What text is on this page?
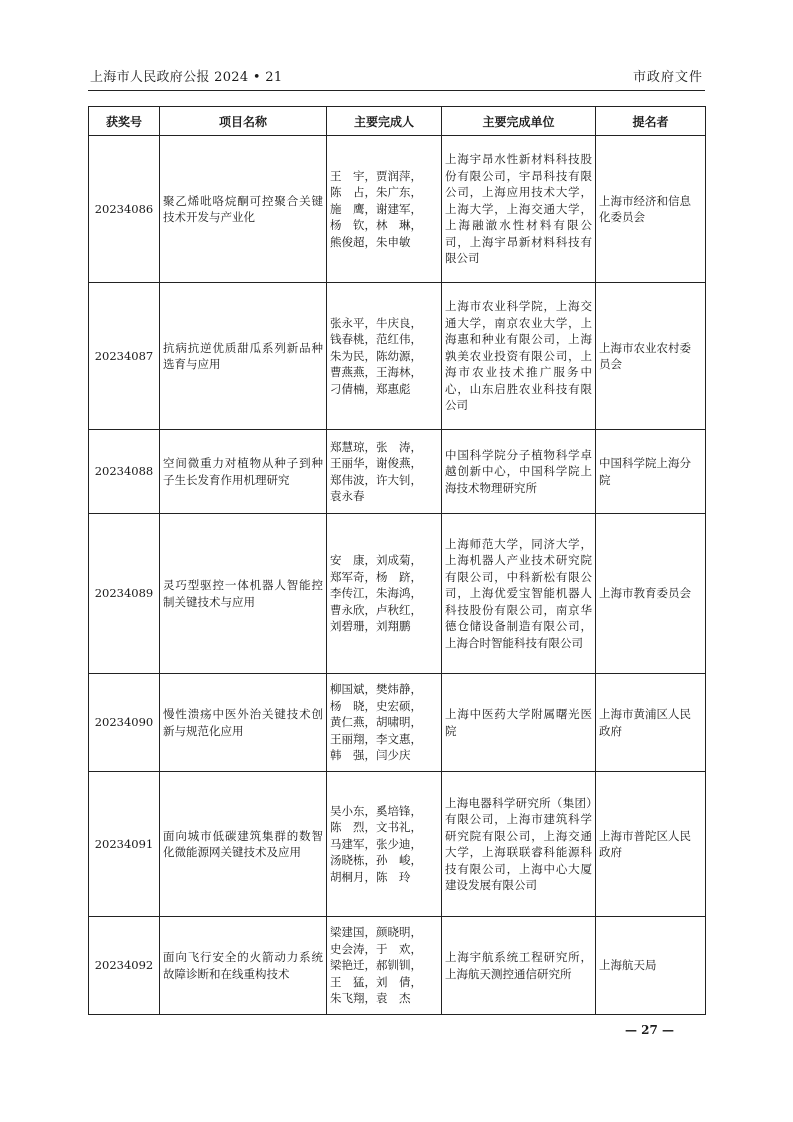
上海市人民政府公报 2024 • 21	市政府文件
获奖号	项目名称	主要完成人	主要完成单位	提名者
20234086	聚乙烯吡咯烷酮可控聚合关键技术开发与产业化	王　宇，贾润萍，
陈　占，朱广东，
施　鹰，谢建军，
杨　钦，林　琳，
熊俊超，朱申敏	上海宇昂水性新材料科技股份有限公司，宇昂科技有限公司，上海应用技术大学，上海大学，上海交通大学，上海融澈水性材料有限公司，上海宇昂新材料科技有限公司	上海市经济和信息化委员会
20234087	抗病抗逆优质甜瓜系列新品种选育与应用	张永平，牛庆良，
钱春桃，范红伟，
朱为民，陈幼源，
曹燕燕，王海林，
刁倩楠，郑惠彪	上海市农业科学院，上海交通大学，南京农业大学，上海惠和种业有限公司，上海孰美农业投资有限公司，上海市农业技术推广服务中心，山东启胜农业科技有限公司	上海市农业农村委员会
20234088	空间微重力对植物从种子到种子生长发育作用机理研究	郑慧琼，张　涛，
王丽华，谢俊燕，
郑伟波，许大钊，
袁永春	中国科学院分子植物科学卓越创新中心，中国科学院上海技术物理研究所	中国科学院上海分院
20234089	灵巧型驱控一体机器人智能控制关键技术与应用	安　康，刘成菊，
郑军奇，杨　跻，
李传江，朱海鸿，
曹永欣，卢秋红，
刘碧珊，刘翔鹏	上海师范大学，同济大学，上海机器人产业技术研究院有限公司，中科新松有限公司，上海优爱宝智能机器人科技股份有限公司，南京华德仓储设备制造有限公司，上海合时智能科技有限公司	上海市教育委员会
20234090	慢性溃疡中医外治关键技术创新与规范化应用	柳国斌，樊炜静，
杨　晓，史宏硕，
黄仁燕，胡啸明，
王丽翔，李文惠，
韩　强，闫少庆	上海中医药大学附属曙光医院	上海市黄浦区人民政府
20234091	面向城市低碳建筑集群的数智化微能源网关键技术及应用	吴小东，奚培锋，
陈　烈，文书礼，
马建军，张少迪，
汤晓栋，孙　峻，
胡桐月，陈　玲	上海电器科学研究所（集团）有限公司，上海市建筑科学研究院有限公司，上海交通大学，上海联联睿科能源科技有限公司，上海中心大厦建设发展有限公司	上海市普陀区人民政府
20234092	面向飞行安全的火箭动力系统故障诊断和在线重构技术	梁建国，颜晓明，
史会涛，于　欢，
梁艳迁，郝钏钏，
王　猛，刘　倩，
朱飞翔，袁　杰	上海宇航系统工程研究所，上海航天测控通信研究所	上海航天局
— 27 —
